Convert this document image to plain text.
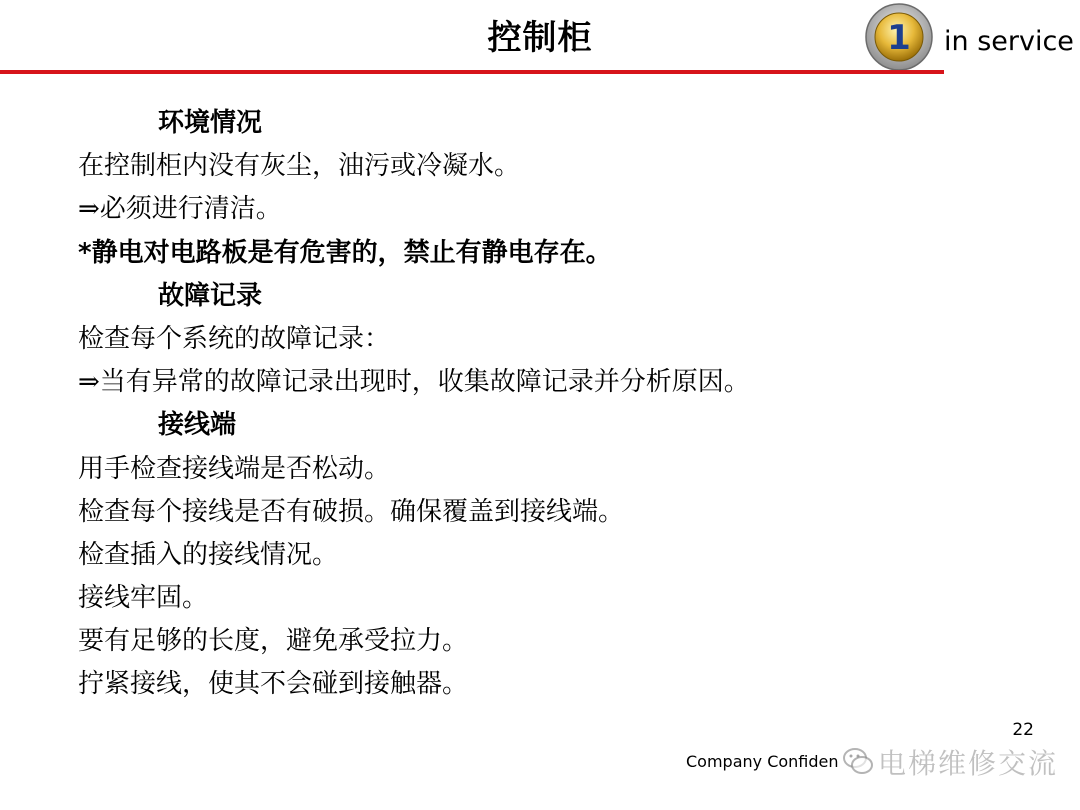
控制柜	1 in service
环境情况
在控制柜内没有灰尘，油污或冷凝水。
⇒必须进行清洁。
*静电对电路板是有危害的，禁止有静电存在。
故障记录
检查每个系统的故障记录：
⇒当有异常的故障记录出现时，收集故障记录并分析原因。
接线端
用手检查接线端是否松动。
检查每个接线是否有破损。确保覆盖到接线端。
检查插入的接线情况。
接线牢固。
要有足够的长度，避免承受拉力。
拧紧接线，使其不会碰到接触器。
22
Company Confiden 电梯维修交流
